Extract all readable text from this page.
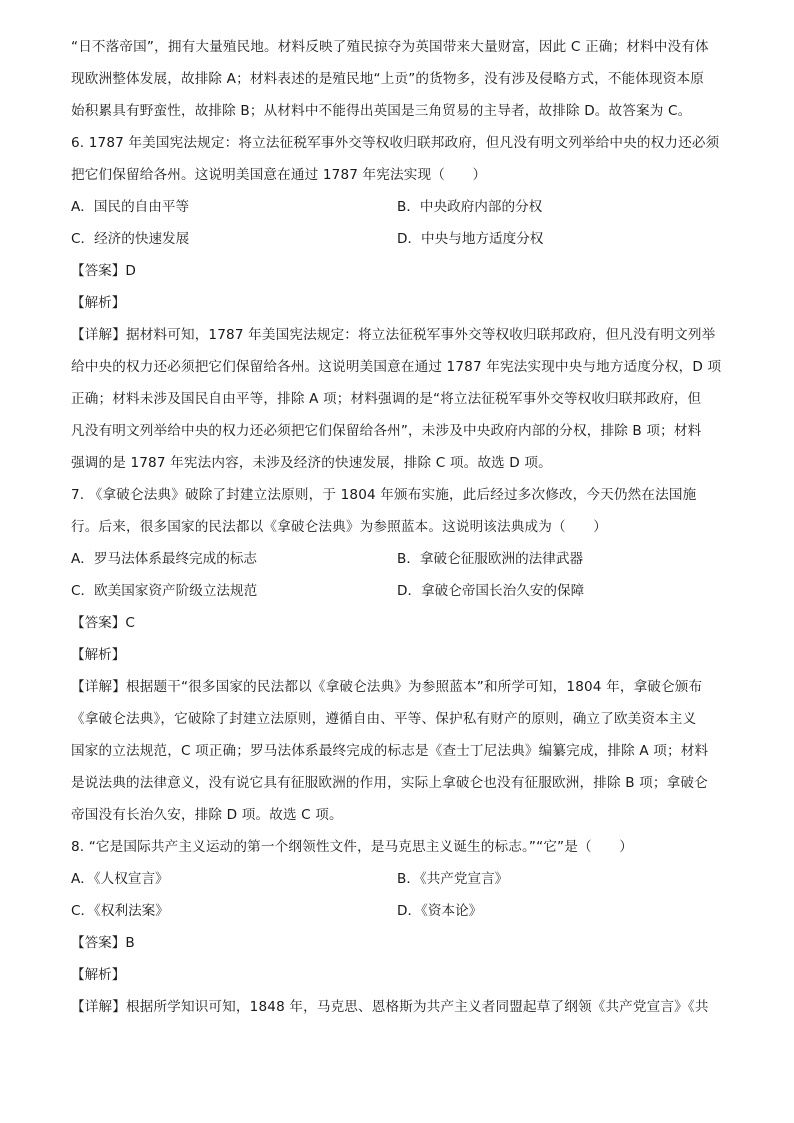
“日不落帝国”，拥有大量殖民地。材料反映了殖民掠夺为英国带来大量财富，因此 C 正确；材料中没有体
现欧洲整体发展，故排除 A；材料表述的是殖民地“上贡”的货物多，没有涉及侵略方式，不能体现资本原
始积累具有野蛮性，故排除 B；从材料中不能得出英国是三角贸易的主导者，故排除 D。故答案为 C。
6. 1787 年美国宪法规定：将立法征税军事外交等权收归联邦政府，但凡没有明文列举给中央的权力还必须
把它们保留给各州。这说明美国意在通过 1787 年宪法实现（　　）
A．国民的自由平等	B．中央政府内部的分权
C．经济的快速发展	D．中央与地方适度分权
【答案】D
【解析】
【详解】据材料可知，1787 年美国宪法规定：将立法征税军事外交等权收归联邦政府，但凡没有明文列举
给中央的权力还必须把它们保留给各州。这说明美国意在通过 1787 年宪法实现中央与地方适度分权，D 项
正确；材料未涉及国民自由平等，排除 A 项；材料强调的是“将立法征税军事外交等权收归联邦政府，但
凡没有明文列举给中央的权力还必须把它们保留给各州”，未涉及中央政府内部的分权，排除 B 项；材料
强调的是 1787 年宪法内容，未涉及经济的快速发展，排除 C 项。故选 D 项。
7. 《拿破仑法典》破除了封建立法原则，于 1804 年颁布实施，此后经过多次修改，今天仍然在法国施
行。后来，很多国家的民法都以《拿破仑法典》为参照蓝本。这说明该法典成为（　　）
A．罗马法体系最终完成的标志	B．拿破仑征服欧洲的法律武器
C．欧美国家资产阶级立法规范	D．拿破仑帝国长治久安的保障
【答案】C
【解析】
【详解】根据题干“很多国家的民法都以《拿破仑法典》为参照蓝本”和所学可知，1804 年，拿破仑颁布
《拿破仑法典》，它破除了封建立法原则，遵循自由、平等、保护私有财产的原则，确立了欧美资本主义
国家的立法规范，C 项正确；罗马法体系最终完成的标志是《查士丁尼法典》编纂完成，排除 A 项；材料
是说法典的法律意义，没有说它具有征服欧洲的作用，实际上拿破仑也没有征服欧洲，排除 B 项；拿破仑
帝国没有长治久安，排除 D 项。故选 C 项。
8. “它是国际共产主义运动的第一个纲领性文件，是马克思主义诞生的标志。”“它”是（　　）
A．《人权宣言》	B．《共产党宣言》
C．《权利法案》	D．《资本论》
【答案】B
【解析】
【详解】根据所学知识可知，1848 年，马克思、恩格斯为共产主义者同盟起草了纲领《共产党宣言》《共
